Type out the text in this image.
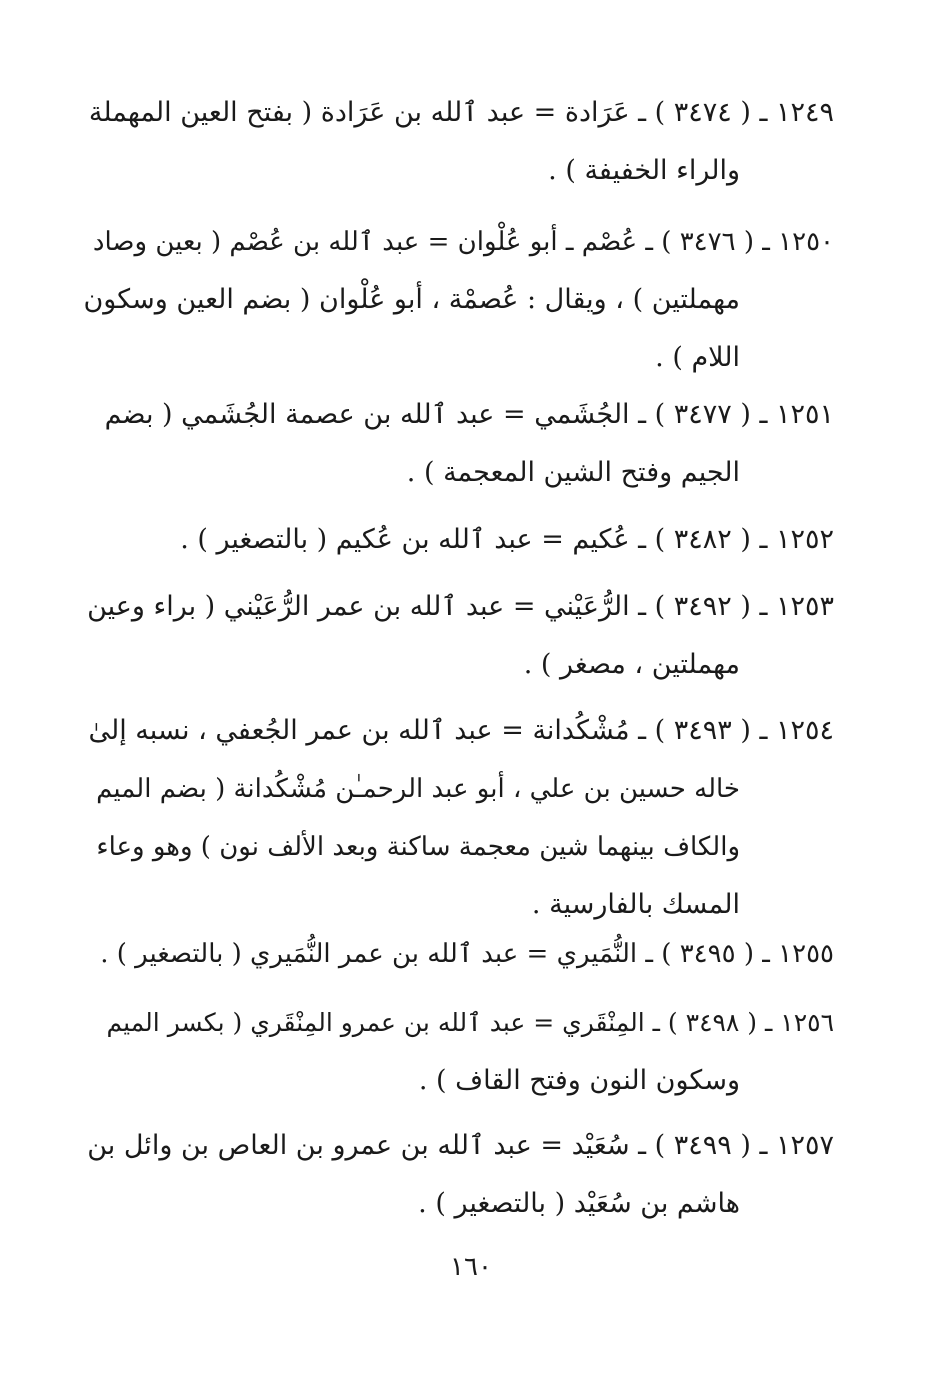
١٢٤٩ ـ ( ٣٤٧٤ ) ـ عَرَادة = عبد ٱلله بن عَرَادة ( بفتح العين المهملة
والراء الخفيفة ) .
١٢٥٠ ـ ( ٣٤٧٦ ) ـ عُصْم ـ أبو عُلْوان = عبد ٱلله بن عُصْم ( بعين وصاد
مهملتين ) ، ويقال : عُصمْة ، أبو عُلْوان ( بضم العين وسكون
اللام ) .
١٢٥١ ـ ( ٣٤٧٧ ) ـ الجُشَمي = عبد ٱلله بن عصمة الجُشَمي ( بضم
الجيم وفتح الشين المعجمة ) .
١٢٥٢ ـ ( ٣٤٨٢ ) ـ عُكيم = عبد ٱلله بن عُكيم ( بالتصغير ) .
١٢٥٣ ـ ( ٣٤٩٢ ) ـ الرُّعَيْني = عبد ٱلله بن عمر الرُّعَيْني ( براء وعين
مهملتين ، مصغر ) .
١٢٥٤ ـ ( ٣٤٩٣ ) ـ مُشْكُدانة = عبد ٱلله بن عمر الجُعفي ، نسبه إلىٰ
خاله حسين بن علي ، أبو عبد الرحمـٰن مُشْكُدانة ( بضم الميم
والكاف بينهما شين معجمة ساكنة وبعد الألف نون ) وهو وعاء
المسك بالفارسية .
١٢٥٥ ـ ( ٣٤٩٥ ) ـ النُّمَيري = عبد ٱلله بن عمر النُّمَيري ( بالتصغير ) .
١٢٥٦ ـ ( ٣٤٩٨ ) ـ المِنْقَري = عبد ٱلله بن عمرو المِنْقَري ( بكسر الميم
وسكون النون وفتح القاف ) .
١٢٥٧ ـ ( ٣٤٩٩ ) ـ سُعَيْد = عبد ٱلله بن عمرو بن العاص بن وائل بن
هاشم بن سُعَيْد ( بالتصغير ) .
١٦٠
